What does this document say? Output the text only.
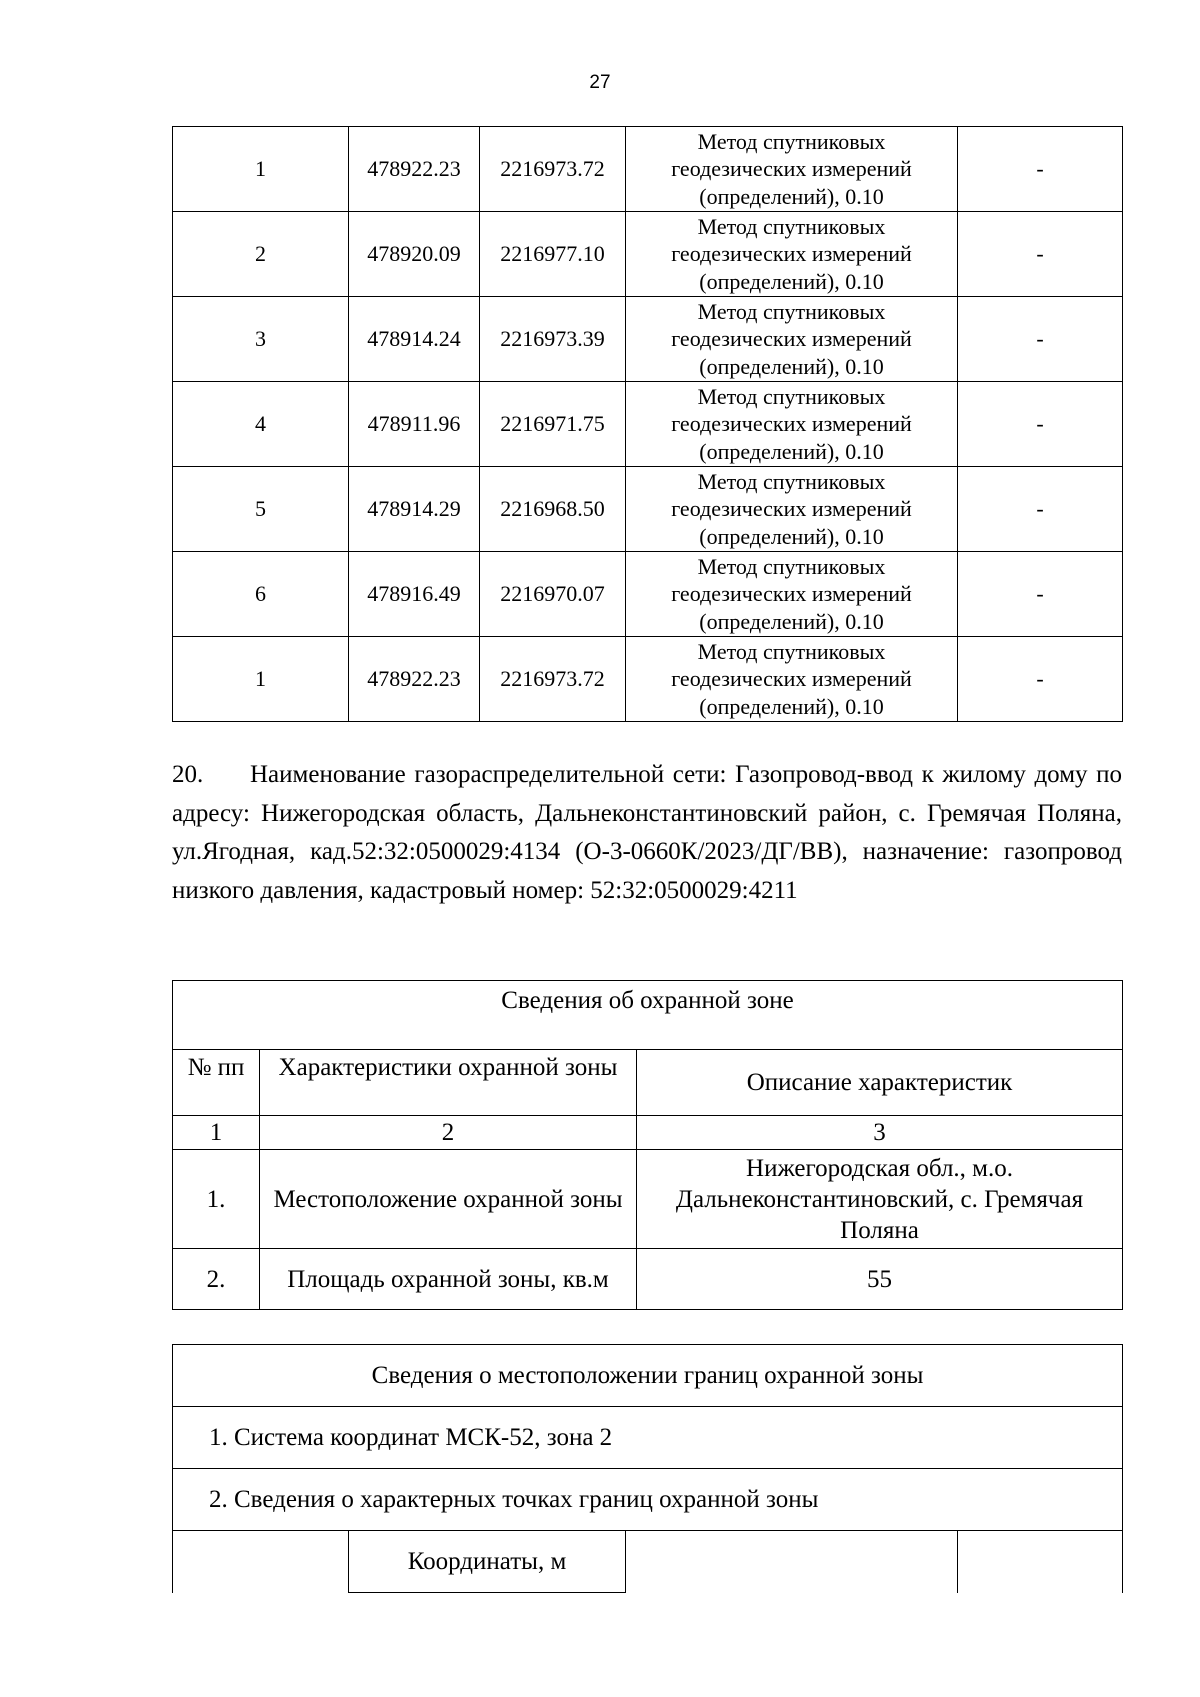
27
1	478922.23	2216973.72	Метод спутниковых
геодезических измерений
(определений), 0.10	-
2	478920.09	2216977.10	Метод спутниковых
геодезических измерений
(определений), 0.10	-
3	478914.24	2216973.39	Метод спутниковых
геодезических измерений
(определений), 0.10	-
4	478911.96	2216971.75	Метод спутниковых
геодезических измерений
(определений), 0.10	-
5	478914.29	2216968.50	Метод спутниковых
геодезических измерений
(определений), 0.10	-
6	478916.49	2216970.07	Метод спутниковых
геодезических измерений
(определений), 0.10	-
1	478922.23	2216973.72	Метод спутниковых
геодезических измерений
(определений), 0.10	-
20. Наименование газораспределительной сети: Газопровод-ввод к жилому дому по адресу: Нижегородская область, Дальнеконстантиновский район, с. Гремячая Поляна, ул.Ягодная, кад.52:32:0500029:4134 (О-3-0660К/2023/ДГ/ВВ), назначение: газопровод низкого давления, кадастровый номер: 52:32:0500029:4211
Сведения об охранной зоне		
№ пп	Характеристики охранной зоны	Описание характеристик
1	2	3
1.	Местоположение охранной зоны	Нижегородская обл., м.о. Дальнеконстантиновский, с. Гремячая Поляна
2.	Площадь охранной зоны, кв.м	55
Сведения о местоположении границ охранной зоны
1. Система координат МСК-52, зона 2
2. Сведения о характерных точках границ охранной зоны
	Координаты, м		
